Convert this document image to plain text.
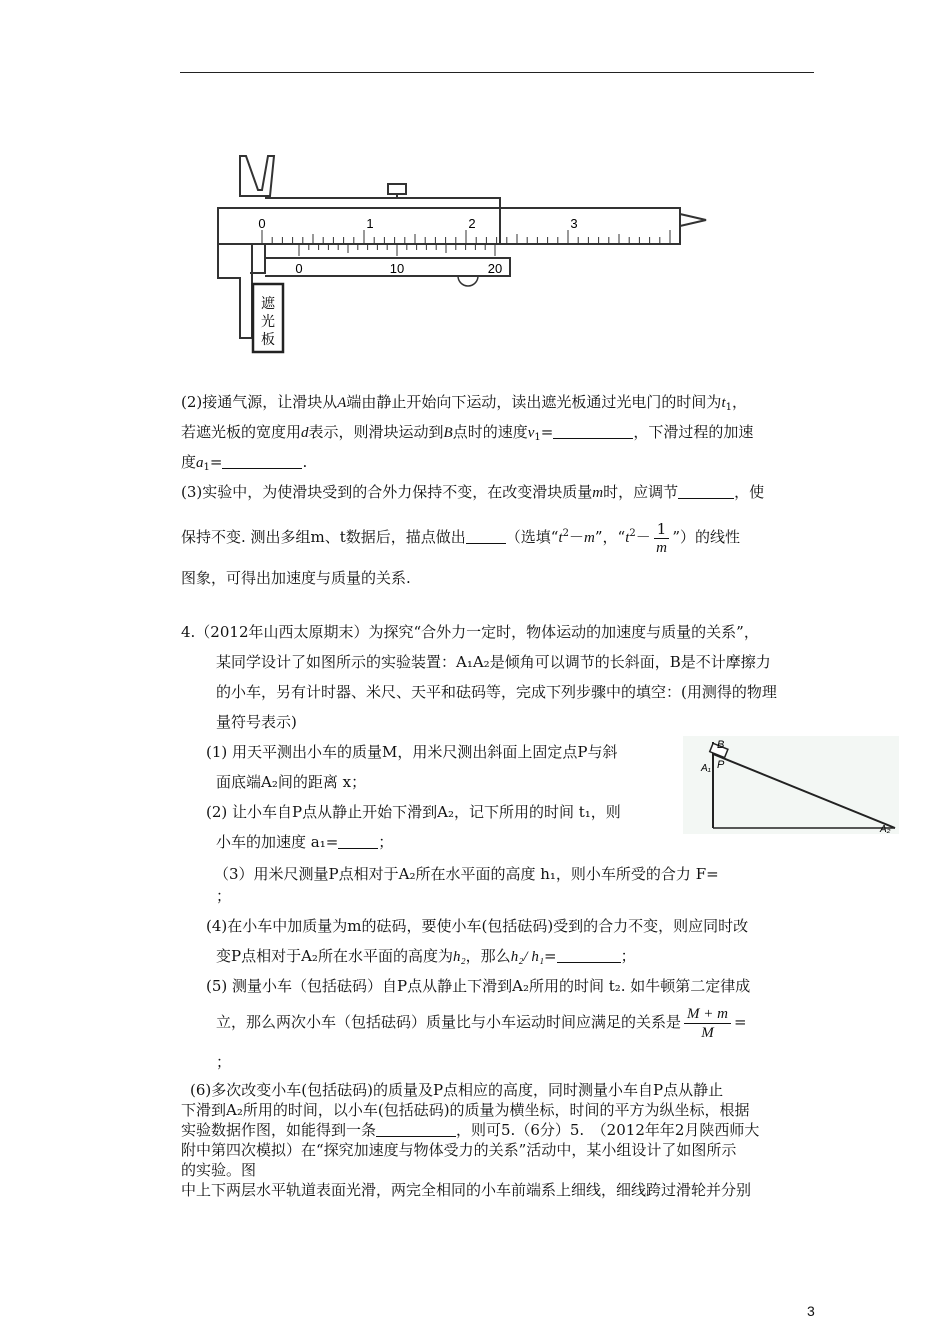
0	1	2	3
0	10	20
遮
光
板
(2)接通气源，让滑块从A端由静止开始向下运动，读出遮光板通过光电门的时间为$t_1$，
若遮光板的宽度用d表示，则滑块运动到B点时的速度$v_1=$	，下滑过程的加速
度$a_1=$	.
(3)实验中，为使滑块受到的合外力保持不变，在改变滑块质量m时，应调节	，使
保持不变. 测出多组m、t数据后，描点做出	（选填“$t^2-m$”，“$t^2- \frac{1}{m}$ ”）的线性
图象，可得出加速度与质量的关系.
4.（2012年山西太原期末）为探究“合外力一定时，物体运动的加速度与质量的关系”，
某同学设计了如图所示的实验装置：A₁A₂是倾角可以调节的长斜面，B是不计摩擦力
的小车，另有计时器、米尺、天平和砝码等，完成下列步骤中的填空：(用测得的物理
量符号表示)
(1) 用天平测出小车的质量M，用米尺测出斜面上固定点P与斜
面底端A₂间的距离 x；
(2) 让小车自P点从静止开始下滑到A₂，记下所用的时间 t₁，则
小车的加速度 a₁=	；
B
A₁ P
A₂
（3）用米尺测量P点相对于A₂所在水平面的高度 h₁，则小车所受的合力 F=
；
(4)在小车中加质量为m的砝码，要使小车(包括砝码)受到的合力不变，则应同时改
变P点相对于A₂所在水平面的高度为h₂，那么h₂/ h₁=	；
(5) 测量小车（包括砝码）自P点从静止下滑到A₂所用的时间 t₂. 如牛顿第二定律成
立，那么两次小车（包括砝码）质量比与小车运动时间应满足的关系是 $\frac{M + m}{M}$ =
；
(6)多次改变小车(包括砝码)的质量及P点相应的高度，同时测量小车自P点从静止
下滑到A₂所用的时间，以小车(包括砝码)的质量为横坐标，时间的平方为纵坐标，根据
实验数据作图，如能得到一条	，则可5.（6分）5.　（2012年年2月陕西师大
附中第四次模拟）在“探究加速度与物体受力的关系”活动中，某小组设计了如图所示
的实验。图
中上下两层水平轨道表面光滑，两完全相同的小车前端系上细线，细线跨过滑轮并分别
3
